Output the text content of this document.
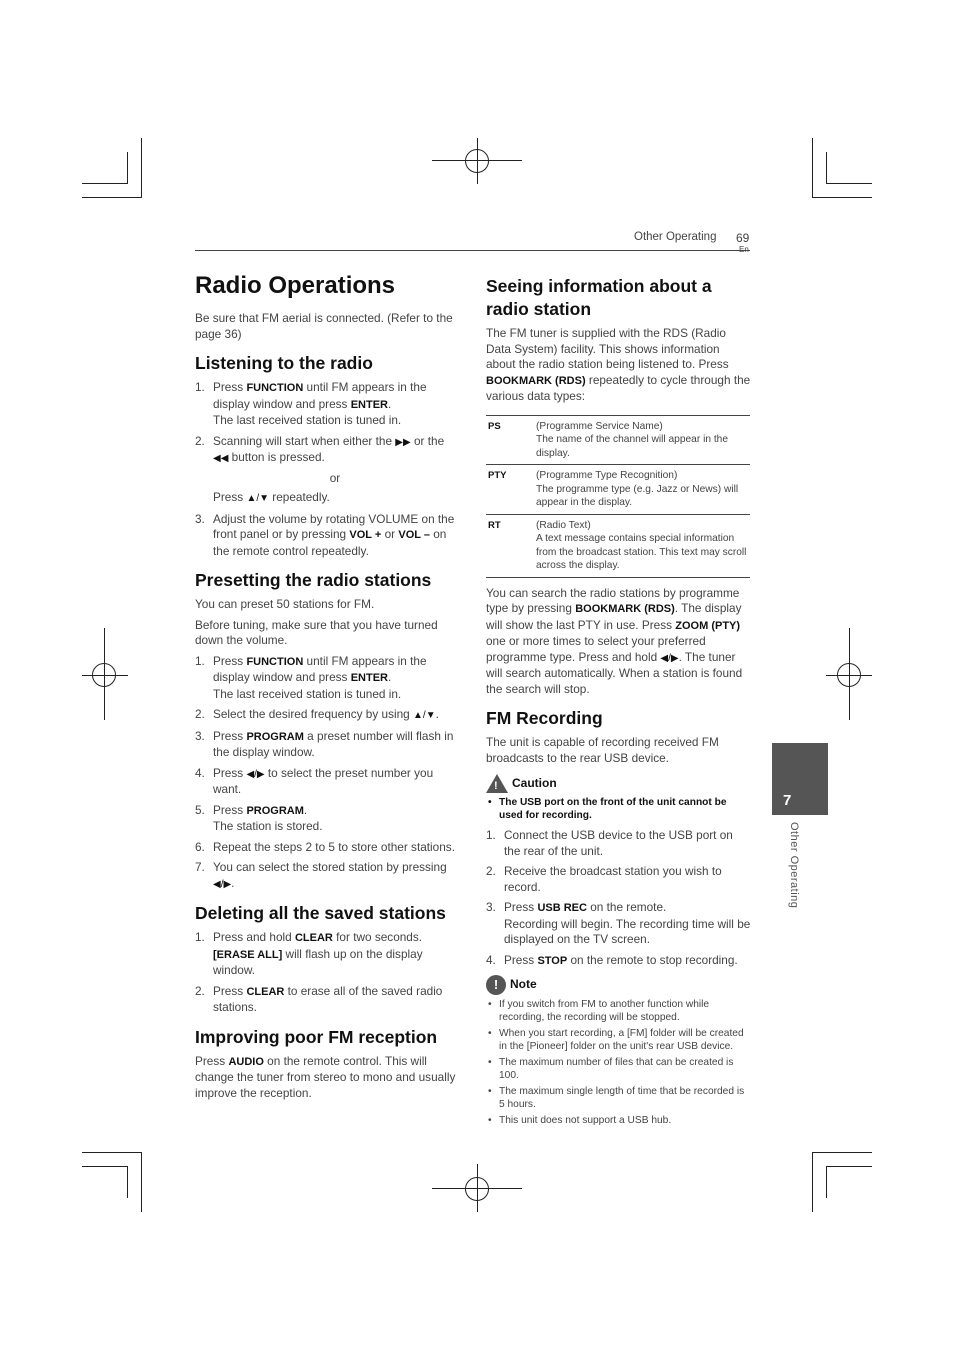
Other Operating 69
Radio Operations

Be sure that FM aerial is connected. (Refer to the page 36)

Listening to the radio
1. Press FUNCTION until FM appears in the display window and press ENTER.
The last received station is tuned in.
2. Scanning will start when either the ▶▶ or the ◀◀ button is pressed.
or
Press ▲/▼ repeatedly.
3. Adjust the volume by rotating VOLUME on the front panel or by pressing VOL + or VOL – on the remote control repeatedly.
Presetting the radio stations

You can preset 50 stations for FM.

Before tuning, make sure that you have turned down the volume.

1. Press FUNCTION until FM appears in the display window and press ENTER.
The last received station is tuned in.
2. Select the desired frequency by using ▲/▼.
3. Press PROGRAM a preset number will flash in the display window.
4. Press ◀/▶ to select the preset number you want.
5. Press PROGRAM.
The station is stored.
6. Repeat the steps 2 to 5 to store other stations.
7. You can select the stored station by pressing ◀/▶.
Deleting all the saved stations
1. Press and hold CLEAR for two seconds.
[ERASE ALL] will flash up on the display window.
2. Press CLEAR to erase all of the saved radio stations.
Improving poor FM reception

Press AUDIO on the remote control. This will change the tuner from stereo to mono and usually improve the reception.

Seeing information about a radio station

The FM tuner is supplied with the RDS (Radio Data System) facility. This shows information about the radio station being listened to. Press BOOKMARK (RDS) repeatedly to cycle through the various data types:

PS	(Programme Service Name)
The name of the channel will appear in the display.
PTY	(Programme Type Recognition)
The programme type (e.g. Jazz or News) will appear in the display.
RT	(Radio Text)
A text message contains special information from the broadcast station. This text may scroll across the display.

You can search the radio stations by programme type by pressing BOOKMARK (RDS). The display will show the last PTY in use. Press ZOOM (PTY) one or more times to select your preferred programme type. Press and hold ◀/▶. The tuner will search automatically. When a station is found the search will stop.

FM Recording

The unit is capable of recording received FM broadcasts to the rear USB device.

! Caution
• The USB port on the front of the unit cannot be used for recording.
1. Connect the USB device to the USB port on the rear of the unit.
2. Receive the broadcast station you wish to record.
3. Press USB REC on the remote.
Recording will begin. The recording time will be displayed on the TV screen.
4. Press STOP on the remote to stop recording.
! Note
• If you switch from FM to another function while recording, the recording will be stopped.
• When you start recording, a [FM] folder will be created in the [Pioneer] folder on the unit's rear USB device.
• The maximum number of files that can be created is 100.
• The maximum single length of time that be recorded is 5 hours.
• This unit does not support a USB hub.
7
Other Operating
